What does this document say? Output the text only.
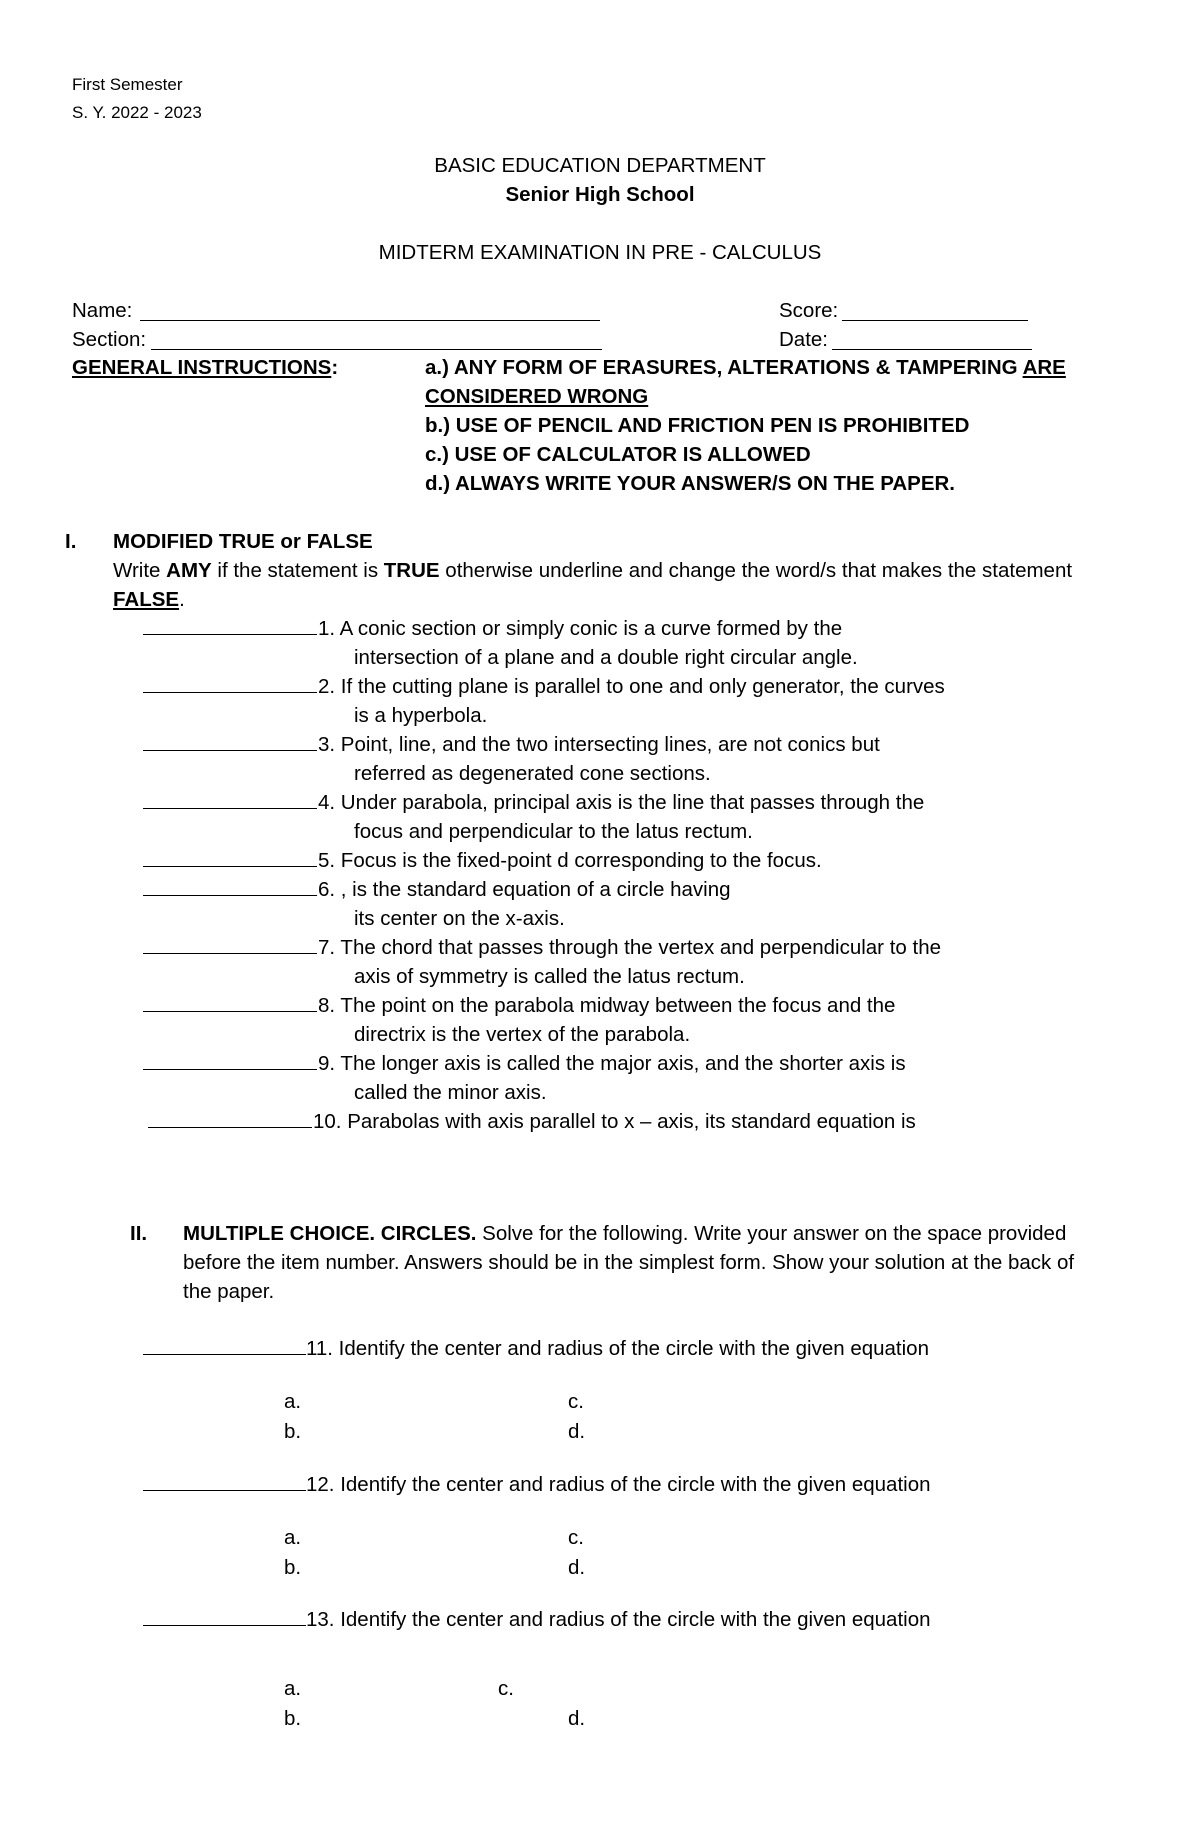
First Semester
S. Y. 2022 - 2023
BASIC EDUCATION DEPARTMENT
Senior High School
MIDTERM EXAMINATION IN PRE - CALCULUS
Name:	Score:
Section:	Date:
GENERAL INSTRUCTIONS:	a.) ANY FORM OF ERASURES, ALTERATIONS & TAMPERING ARE
CONSIDERED WRONG
b.) USE OF PENCIL AND FRICTION PEN IS PROHIBITED
c.) USE OF CALCULATOR IS ALLOWED
d.) ALWAYS WRITE YOUR ANSWER/S ON THE PAPER.
I. MODIFIED TRUE or FALSE
Write AMY if the statement is TRUE otherwise underline and change the word/s that makes the statement
FALSE.
1. A conic section or simply conic is a curve formed by the
intersection of a plane and a double right circular angle.
2. If the cutting plane is parallel to one and only generator, the curves
is a hyperbola.
3. Point, line, and the two intersecting lines, are not conics but
referred as degenerated cone sections.
4. Under parabola, principal axis is the line that passes through the
focus and perpendicular to the latus rectum.
5. Focus is the fixed-point d corresponding to the focus.
6. , is the standard equation of a circle having
its center on the x-axis.
7. The chord that passes through the vertex and perpendicular to the
axis of symmetry is called the latus rectum.
8. The point on the parabola midway between the focus and the
directrix is the vertex of the parabola.
9. The longer axis is called the major axis, and the shorter axis is
called the minor axis.
10. Parabolas with axis parallel to x – axis, its standard equation is
II. MULTIPLE CHOICE. CIRCLES. Solve for the following. Write your answer on the space provided
before the item number. Answers should be in the simplest form. Show your solution at the back of
the paper.
11. Identify the center and radius of the circle with the given equation
a.	c.
b.	d.
12. Identify the center and radius of the circle with the given equation
a.	c.
b.	d.
13. Identify the center and radius of the circle with the given equation
a.	c.
b.	d.
